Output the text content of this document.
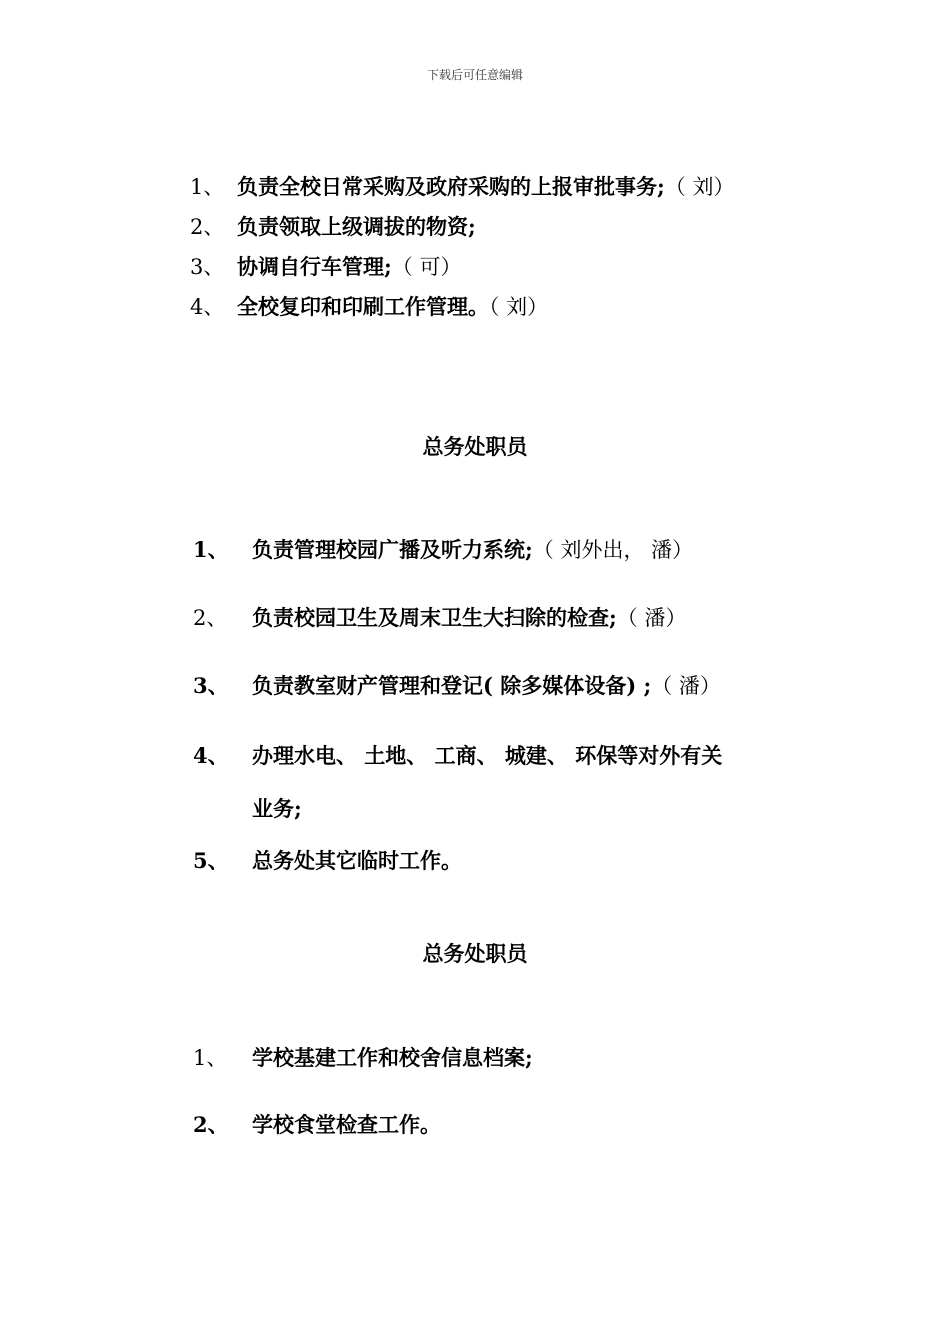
下载后可任意编辑
1、 负责全校日常采购及政府采购的上报审批事务;（ 刘）
2、 负责领取上级调拔的物资;
3、 协调自行车管理;（ 可）
4、 全校复印和印刷工作管理。（ 刘）
总务处职员
1、 负责管理校园广播及听力系统;（ 刘外出， 潘）
2、 负责校园卫生及周末卫生大扫除的检查;（ 潘）
3、 负责教室财产管理和登记( 除多媒体设备) ;（ 潘）
4、 办理水电、 土地、 工商、 城建、 环保等对外有关
业务;
5、 总务处其它临时工作。
总务处职员
1、 学校基建工作和校舍信息档案;
2、 学校食堂检查工作。
